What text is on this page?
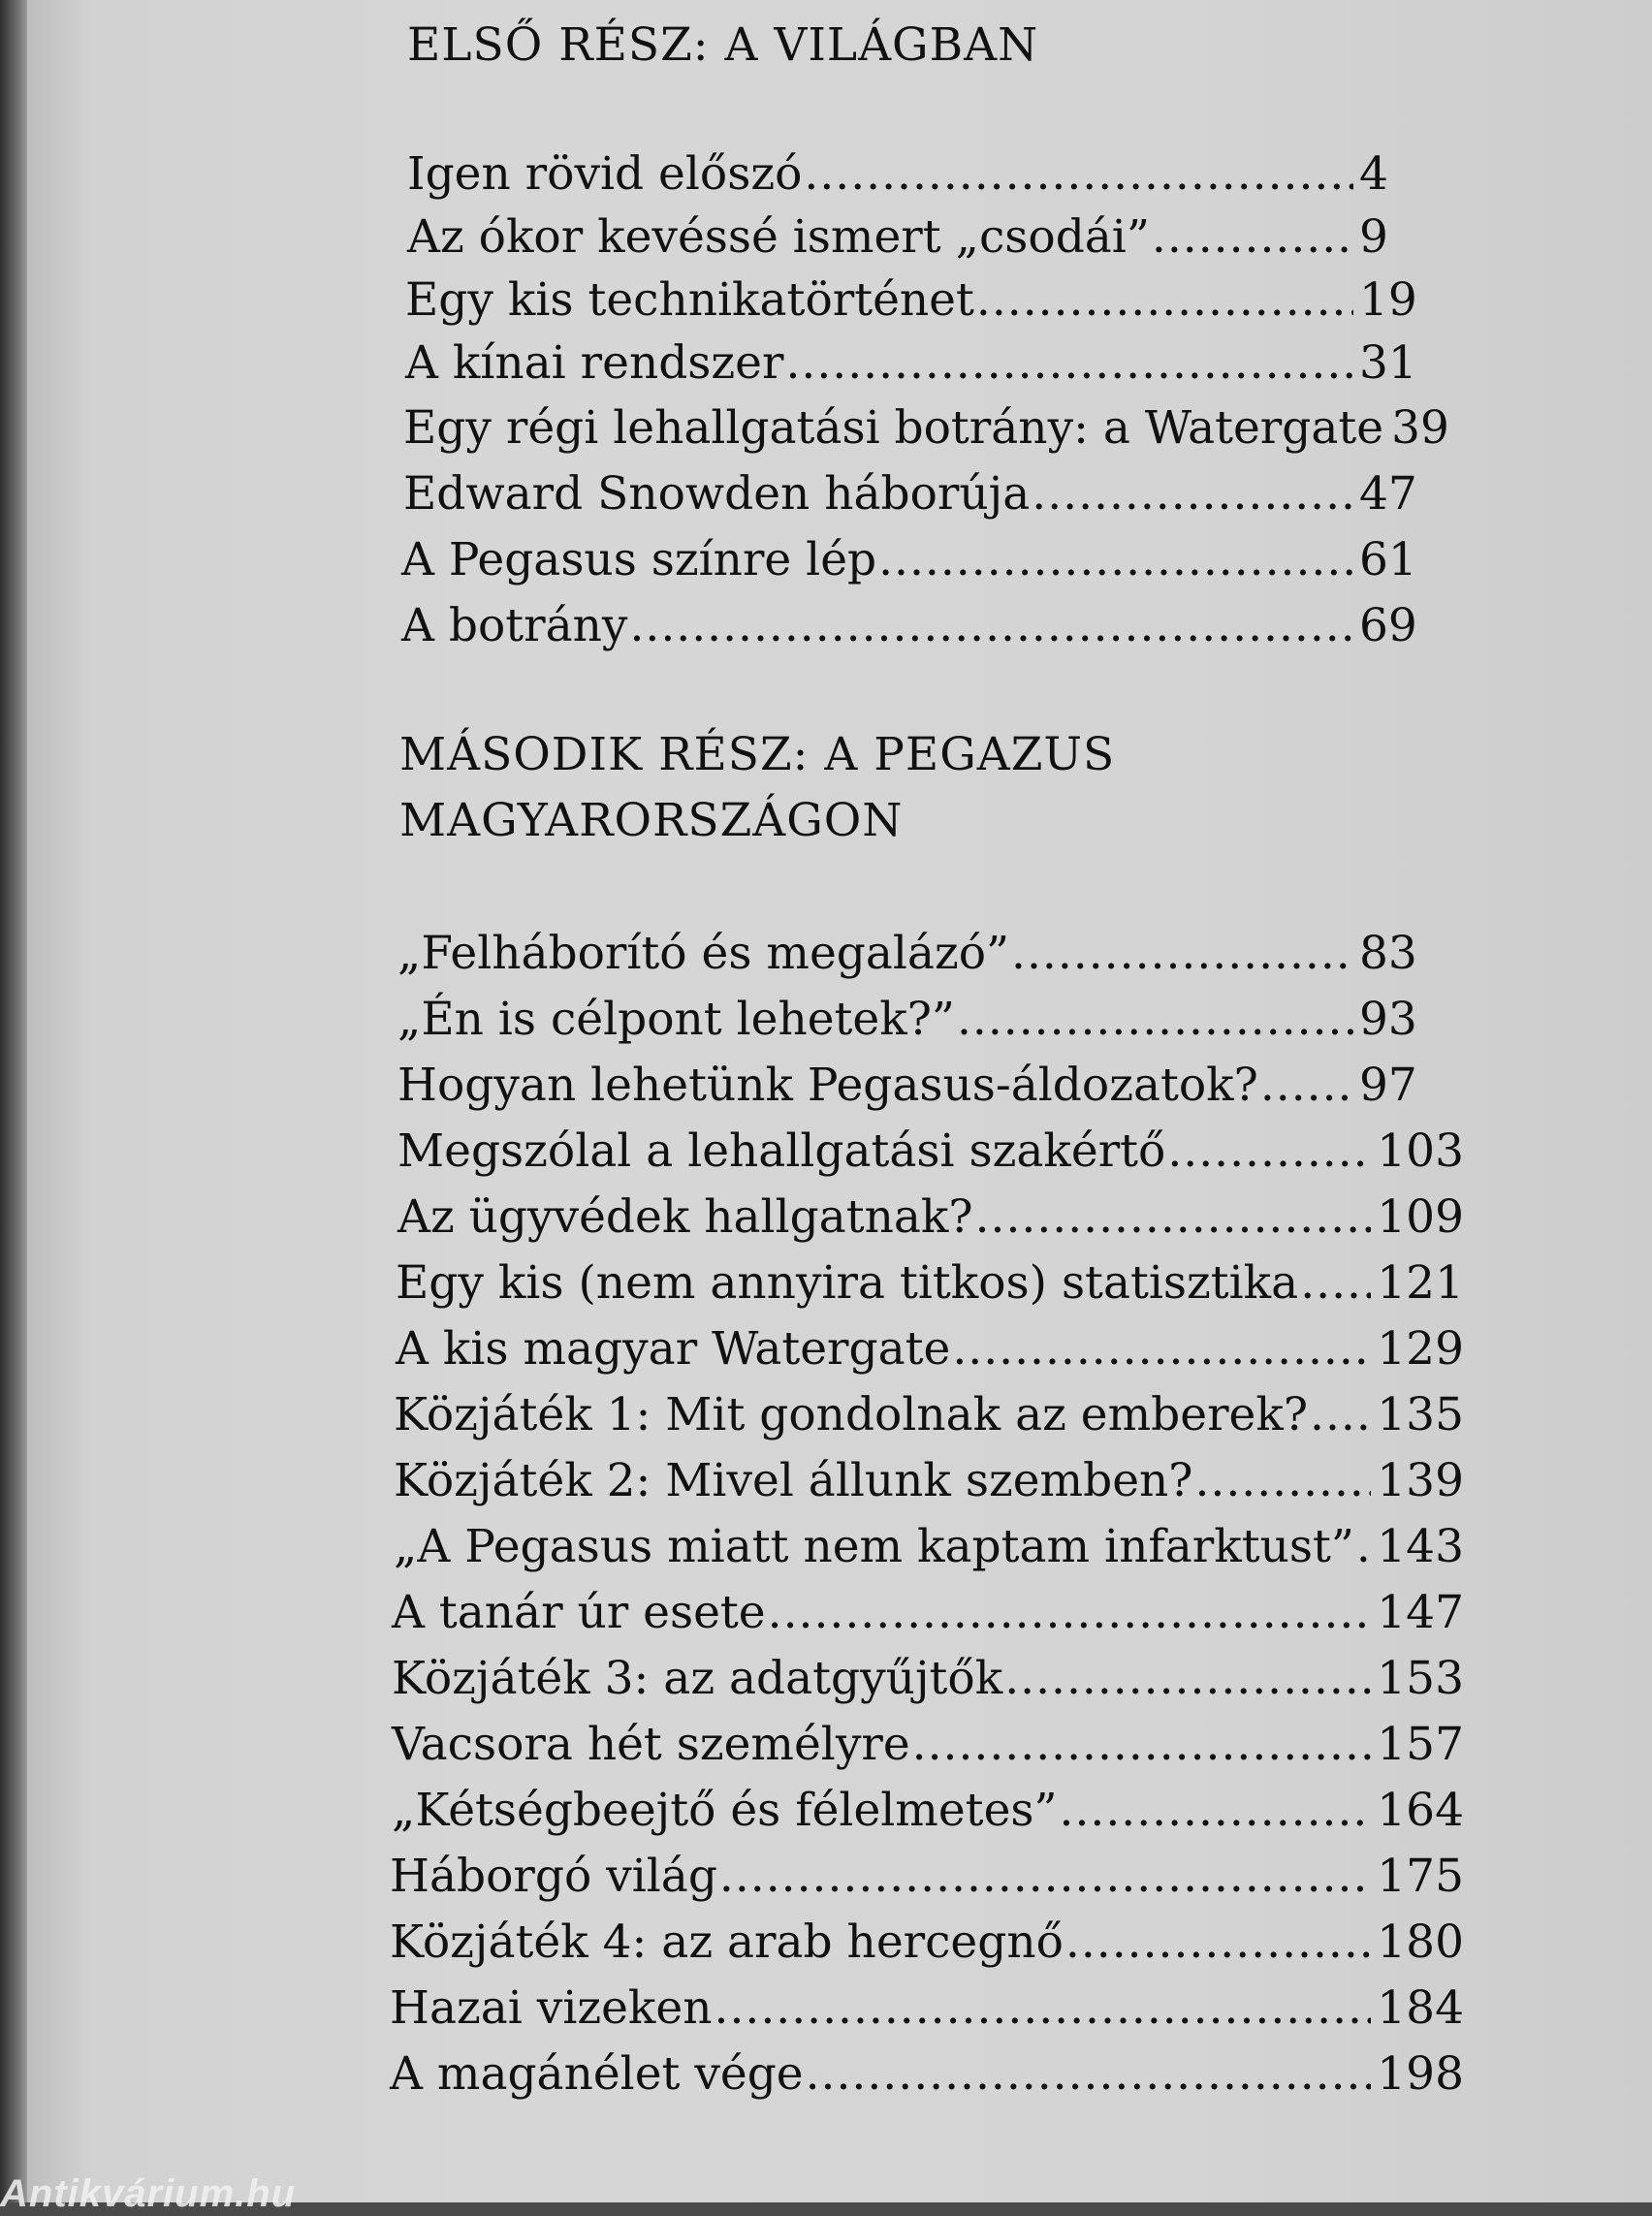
ELSŐ RÉSZ: A VILÁGBAN
Igen rövid előszó .....	4
Az ókor kevéssé ismert „csodái” .....	9
Egy kis technikatörténet .....	19
A kínai rendszer .....	31
Egy régi lehallgatási botrány: a Watergate 39
Edward Snowden háborúja .....	47
A Pegasus színre lép .....	61
A botrány .....	69
MÁSODIK RÉSZ: A PEGAZUS
MAGYARORSZÁGON
„Felháborító és megalázó” .....	83
„Én is célpont lehetek?” .....	93
Hogyan lehetünk Pegasus-áldozatok? ..... 97
Megszólal a lehallgatási szakértő .....	103
Az ügyvédek hallgatnak? .....	109
Egy kis (nem annyira titkos) statisztika ..... 121
A kis magyar Watergate .....	129
Közjáték 1: Mit gondolnak az emberek? ..... 135
Közjáték 2: Mivel állunk szemben? .....	139
„A Pegasus miatt nem kaptam infarktust” ..... 143
A tanár úr esete .....	147
Közjáték 3: az adatgyűjtők .....	153
Vacsora hét személyre .....	157
„Kétségbeejtő és félelmetes” .....	164
Háborgó világ .....	175
Közjáték 4: az arab hercegnő .....	180
Hazai vizeken .....	184
A magánélet vége .....	198
Antikvárium.hu
